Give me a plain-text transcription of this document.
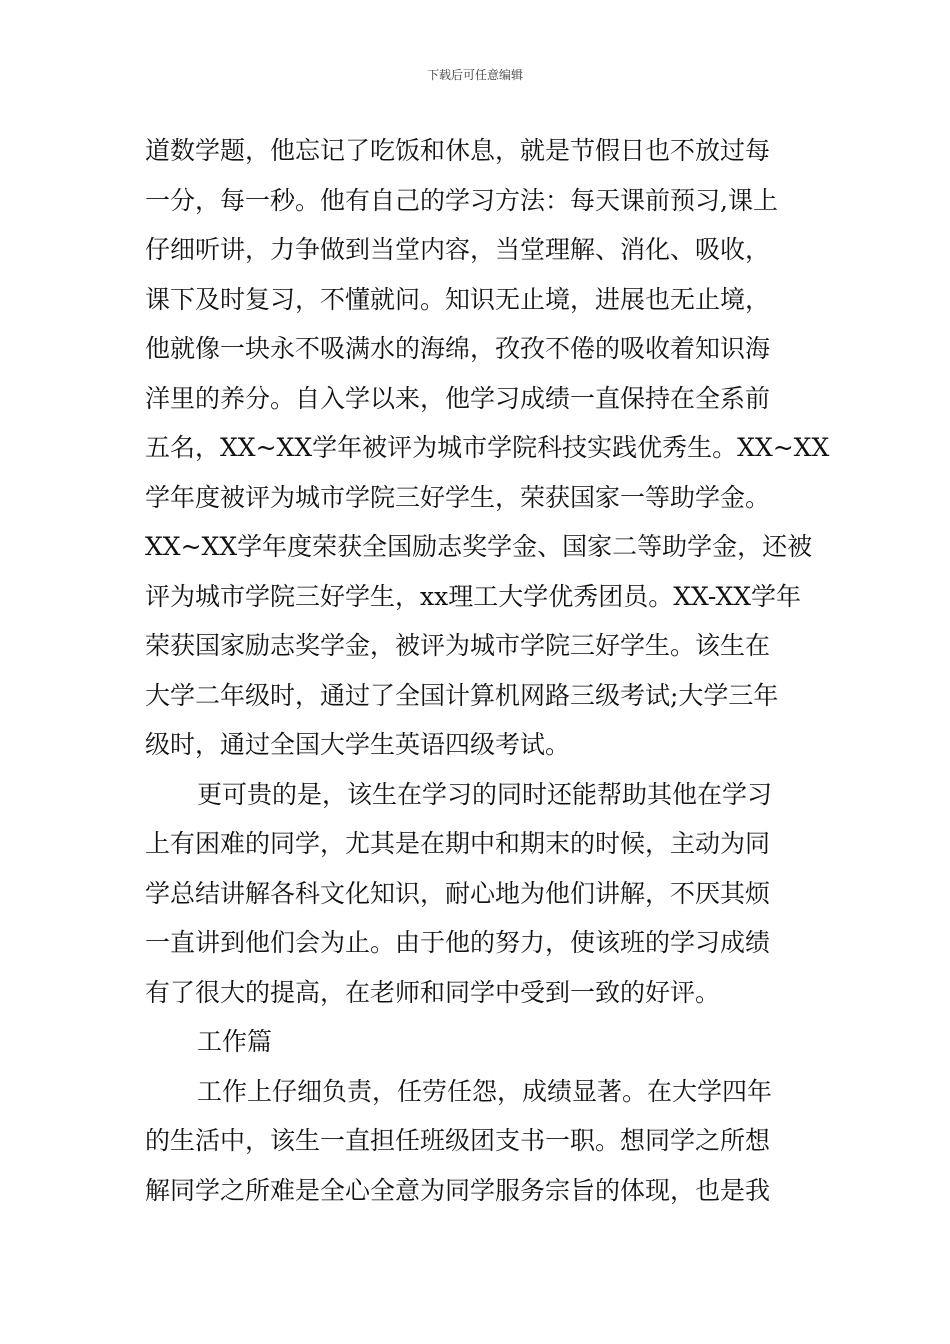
下载后可任意编辑
道数学题，他忘记了吃饭和休息，就是节假日也不放过每
一分，每一秒。他有自己的学习方法：每天课前预习,课上
仔细听讲，力争做到当堂内容，当堂理解、消化、吸收，
课下及时复习，不懂就问。知识无止境，进展也无止境，
他就像一块永不吸满水的海绵，孜孜不倦的吸收着知识海
洋里的养分。自入学以来，他学习成绩一直保持在全系前
五名，XX~XX学年被评为城市学院科技实践优秀生。XX~XX
学年度被评为城市学院三好学生，荣获国家一等助学金。
XX~XX学年度荣获全国励志奖学金、国家二等助学金，还被
评为城市学院三好学生，xx理工大学优秀团员。XX-XX学年
荣获国家励志奖学金，被评为城市学院三好学生。该生在
大学二年级时，通过了全国计算机网路三级考试;大学三年
级时，通过全国大学生英语四级考试。
更可贵的是，该生在学习的同时还能帮助其他在学习
上有困难的同学，尤其是在期中和期末的时候，主动为同
学总结讲解各科文化知识，耐心地为他们讲解，不厌其烦
一直讲到他们会为止。由于他的努力，使该班的学习成绩
有了很大的提高，在老师和同学中受到一致的好评。
工作篇
工作上仔细负责，任劳任怨，成绩显著。在大学四年
的生活中，该生一直担任班级团支书一职。想同学之所想
解同学之所难是全心全意为同学服务宗旨的体现，也是我
